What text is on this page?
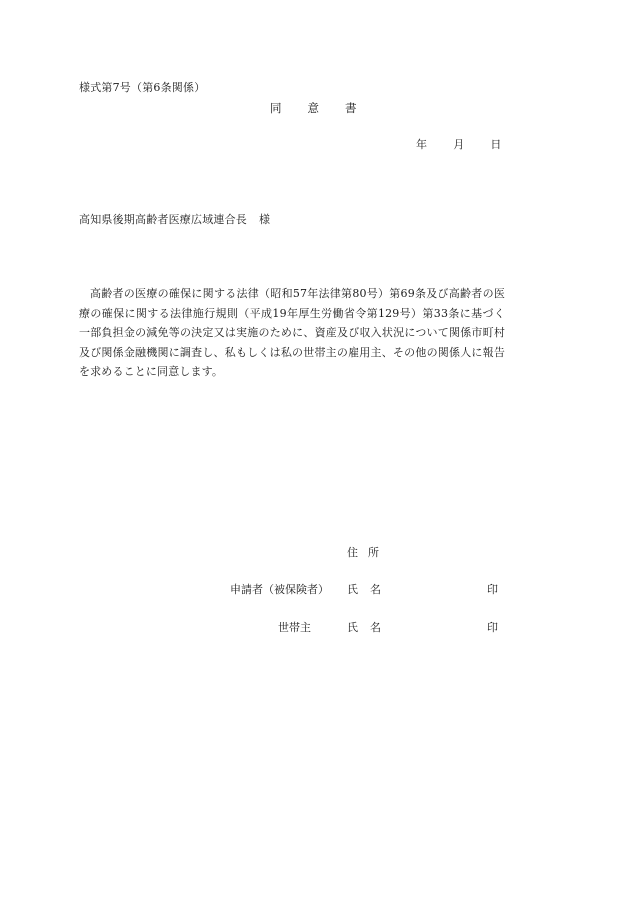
様式第7号（第6条関係）
同 意 書
年 月 日
高知県後期高齢者医療広域連合長 様
高齢者の医療の確保に関する法律（昭和57年法律第80号）第69条及び高齢者の医療の確保に関する法律施行規則（平成19年厚生労働省令第129号）第33条に基づく一部負担金の減免等の決定又は実施のために、資産及び収入状況について関係市町村及び関係金融機関に調査し、私もしくは私の世帯主の雇用主、その他の関係人に報告を求めることに同意します。
住 所
申請者（被保険者） 氏 名	印
世帯主	氏 名	印
